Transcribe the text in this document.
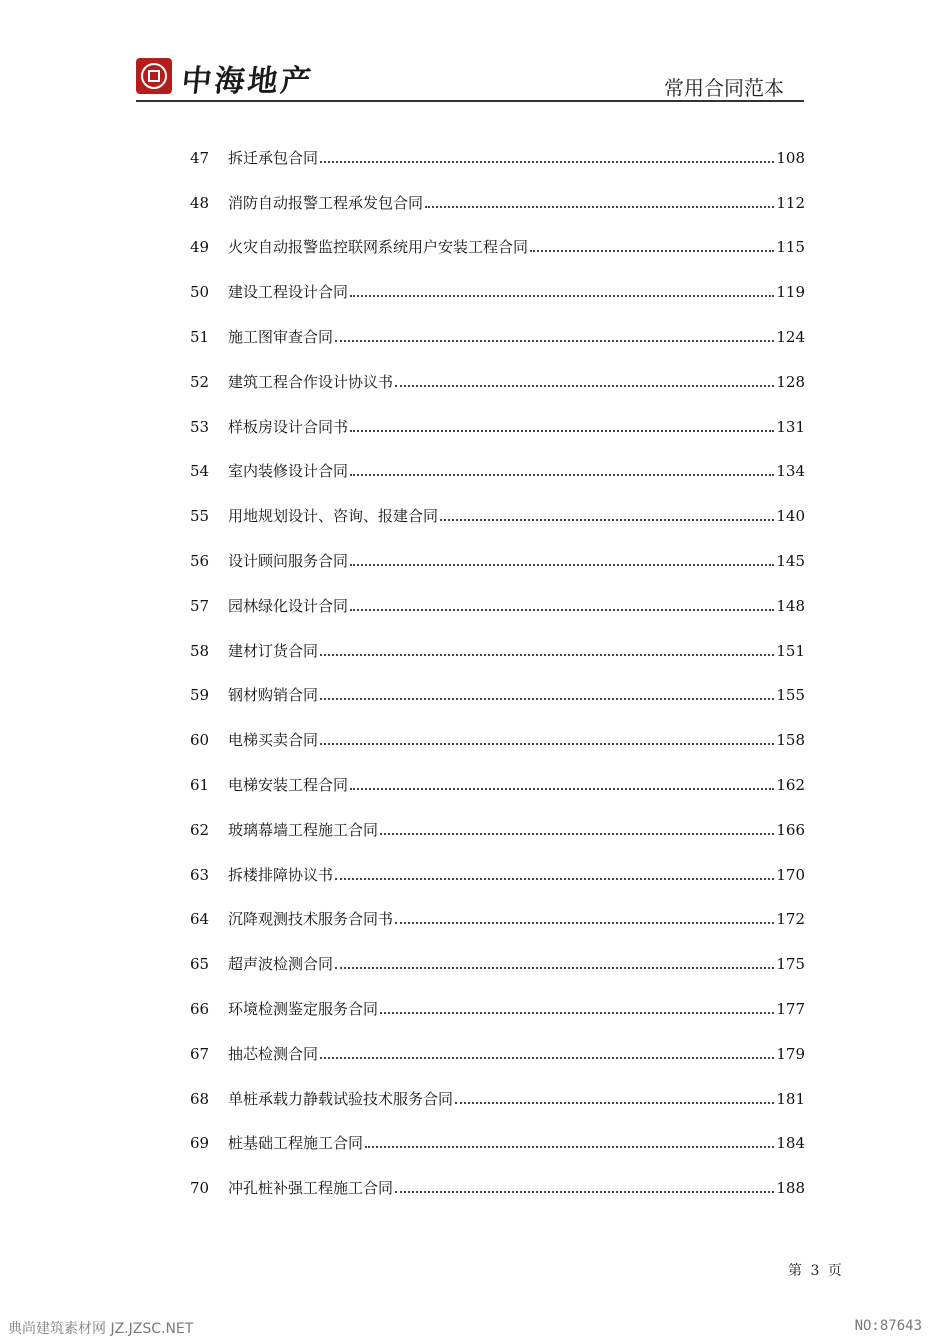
中海地产	常用合同范本
47	拆迁承包合同	108
48	消防自动报警工程承发包合同	112
49	火灾自动报警监控联网系统用户安装工程合同	115
50	建设工程设计合同	119
51	施工图审查合同	124
52	建筑工程合作设计协议书	128
53	样板房设计合同书	131
54	室内装修设计合同	134
55	用地规划设计、咨询、报建合同	140
56	设计顾问服务合同	145
57	园林绿化设计合同	148
58	建材订货合同	151
59	钢材购销合同	155
60	电梯买卖合同	158
61	电梯安装工程合同	162
62	玻璃幕墙工程施工合同	166
63	拆楼排障协议书	170
64	沉降观测技术服务合同书	172
65	超声波检测合同	175
66	环境检测鉴定服务合同	177
67	抽芯检测合同	179
68	单桩承载力静载试验技术服务合同	181
69	桩基础工程施工合同	184
70	冲孔桩补强工程施工合同	188
第 3 页
典尚建筑素材网 JZ.JZSC.NET	NO:87643
